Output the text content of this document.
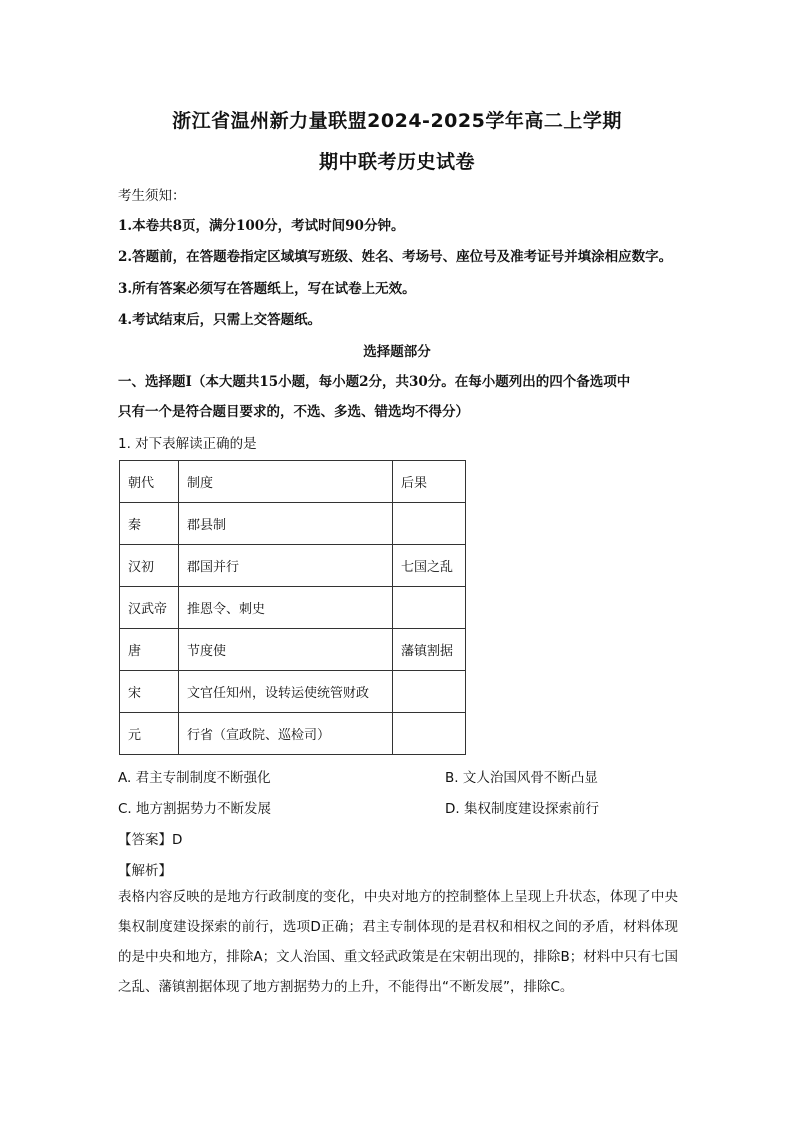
浙江省温州新力量联盟2024-2025学年高二上学期
期中联考历史试卷
考生须知：
1.本卷共8页，满分100分，考试时间90分钟。
2.答题前，在答题卷指定区域填写班级、姓名、考场号、座位号及准考证号并填涂相应数字。
3.所有答案必须写在答题纸上，写在试卷上无效。
4.考试结束后，只需上交答题纸。
选择题部分
一、选择题Ⅰ（本大题共15小题，每小题2分，共30分。在每小题列出的四个备选项中
只有一个是符合题目要求的，不选、多选、错选均不得分）
1. 对下表解读正确的是
朝代	制度	后果
秦	郡县制	
汉初	郡国并行	七国之乱
汉武帝	推恩令、刺史	
唐	节度使	藩镇割据
宋	文官任知州，设转运使统管财政	
元	行省（宣政院、巡检司）	
A. 君主专制制度不断强化	B. 文人治国风骨不断凸显
C. 地方割据势力不断发展	D. 集权制度建设探索前行
【答案】D
【解析】
表格内容反映的是地方行政制度的变化，中央对地方的控制整体上呈现上升状态，体现了中央集权制度建设探索的前行，选项D正确；君主专制体现的是君权和相权之间的矛盾，材料体现的是中央和地方，排除A；文人治国、重文轻武政策是在宋朝出现的，排除B；材料中只有七国之乱、藩镇割据体现了地方割据势力的上升，不能得出“不断发展”，排除C。
